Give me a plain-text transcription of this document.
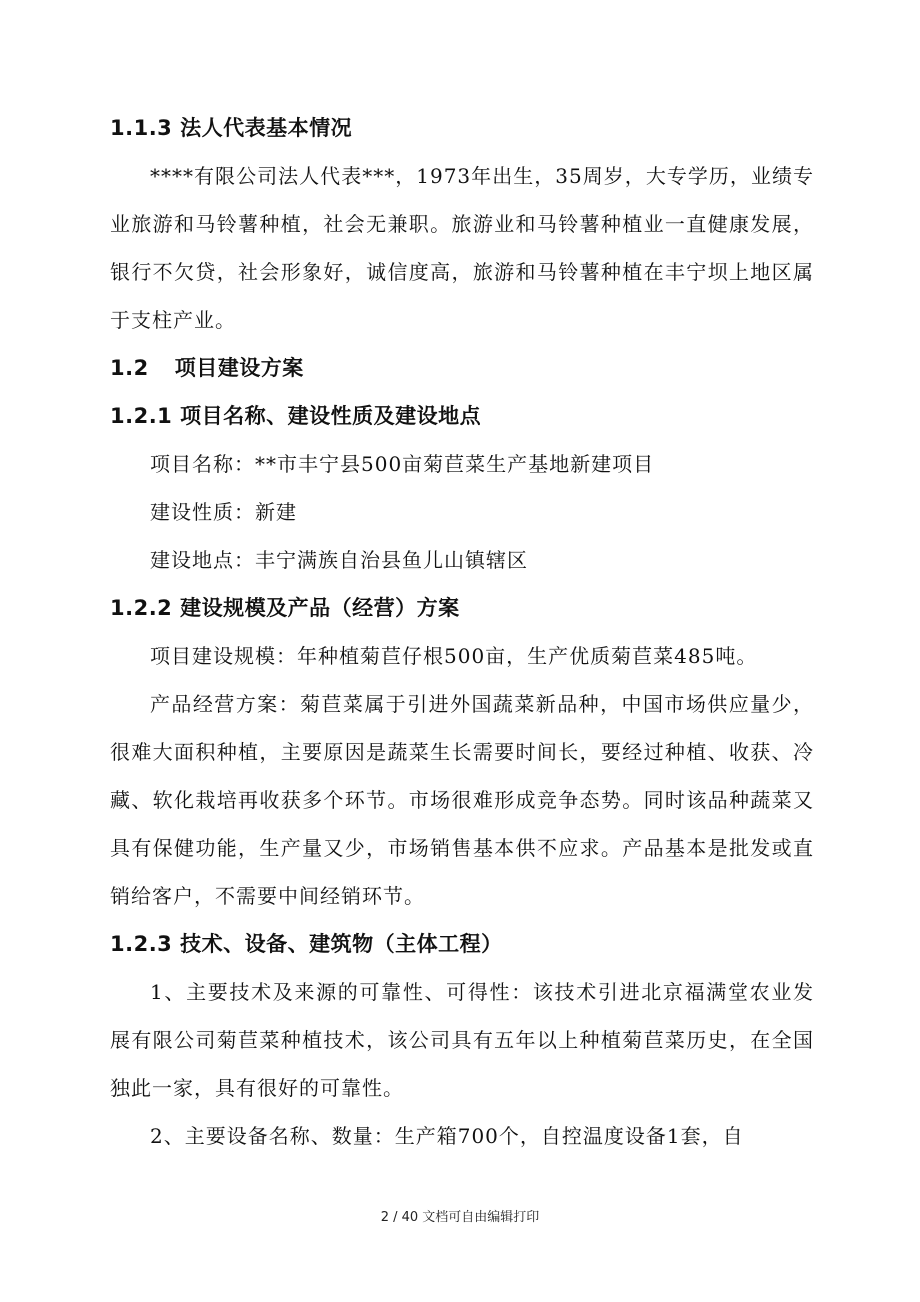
1.1.3 法人代表基本情况
****有限公司法人代表***，1973年出生，35周岁，大专学历，业绩专业旅游和马铃薯种植，社会无兼职。旅游业和马铃薯种植业一直健康发展，银行不欠贷，社会形象好，诚信度高，旅游和马铃薯种植在丰宁坝上地区属于支柱产业。
1.2 项目建设方案
1.2.1 项目名称、建设性质及建设地点
项目名称：**市丰宁县500亩菊苣菜生产基地新建项目
建设性质：新建
建设地点：丰宁满族自治县鱼儿山镇辖区
1.2.2 建设规模及产品（经营）方案
项目建设规模：年种植菊苣仔根500亩，生产优质菊苣菜485吨。
产品经营方案：菊苣菜属于引进外国蔬菜新品种，中国市场供应量少，很难大面积种植，主要原因是蔬菜生长需要时间长，要经过种植、收获、冷藏、软化栽培再收获多个环节。市场很难形成竞争态势。同时该品种蔬菜又具有保健功能，生产量又少，市场销售基本供不应求。产品基本是批发或直销给客户，不需要中间经销环节。
1.2.3 技术、设备、建筑物（主体工程）
1、主要技术及来源的可靠性、可得性：该技术引进北京福满堂农业发展有限公司菊苣菜种植技术，该公司具有五年以上种植菊苣菜历史，在全国独此一家，具有很好的可靠性。
2、主要设备名称、数量：生产箱700个，自控温度设备1套，自
2 / 40 文档可自由编辑打印
